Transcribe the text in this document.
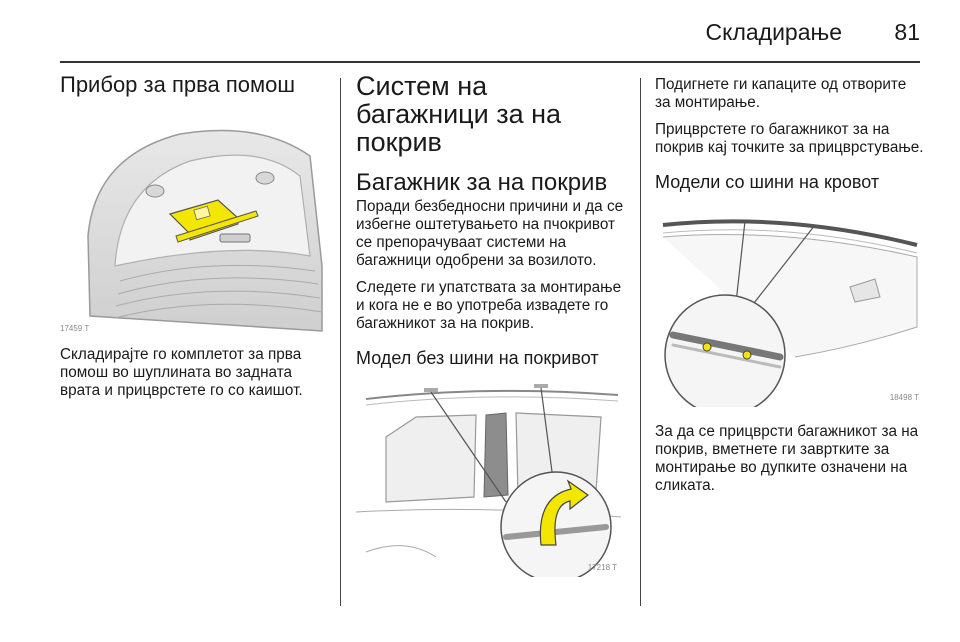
Складирање 81
Прибор за прва помош
17459 T

Складирајте го комплетот за прва помош во шуплината во задната врата и прицврстете го со каишот.

Систем на багажници за на покрив
Багажник за на покрив

Поради безбедносни причини и да се избегне оштетувањето на пчокривот се препорачуваат системи на багажници одобрени за возилото.

Следете ги упатствата за монтирање и кога не е во употреба извадете го багажникот за на покрив.

Модел без шини на покривот
17218 T

Подигнете ги капаците од отворите за монтирање.

Прицврстете го багажникот за на покрив кај точките за прицврстување.

Модели со шини на кровот
18498 T

За да се прицврсти багажникот за на покрив, вметнете ги завртките за монтирање во дупките означени на сликата.
